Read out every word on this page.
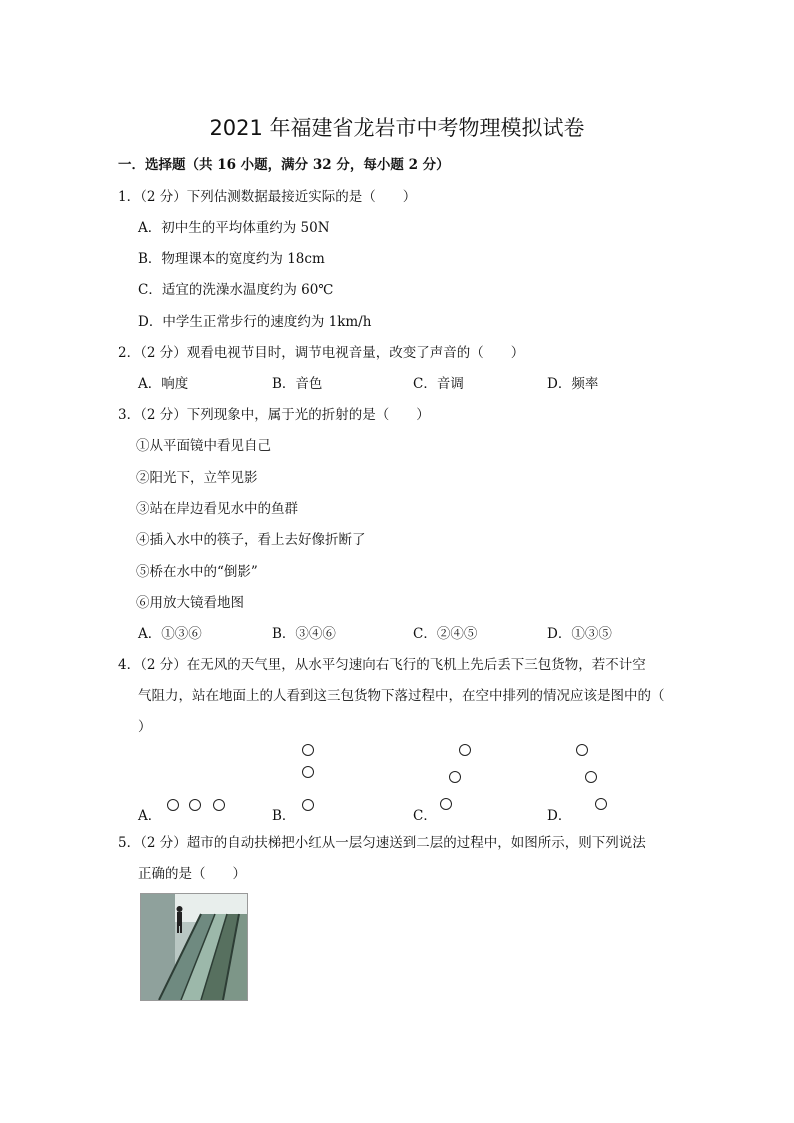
2021 年福建省龙岩市中考物理模拟试卷
一．选择题（共 16 小题，满分 32 分，每小题 2 分）
1．（2 分）下列估测数据最接近实际的是（　　）
A．初中生的平均体重约为 50N
B．物理课本的宽度约为 18cm
C．适宜的洗澡水温度约为 60℃
D．中学生正常步行的速度约为 1km/h
2．（2 分）观看电视节目时，调节电视音量，改变了声音的（　　）
A．响度	B．音色	C．音调	D．频率
3．（2 分）下列现象中，属于光的折射的是（　　）
①从平面镜中看见自己
②阳光下，立竿见影
③站在岸边看见水中的鱼群
④插入水中的筷子，看上去好像折断了
⑤桥在水中的“倒影”
⑥用放大镜看地图
A．①③⑥	B．③④⑥	C．②④⑤	D．①③⑤
4．（2 分）在无风的天气里，从水平匀速向右飞行的飞机上先后丢下三包货物，若不计空
气阻力，站在地面上的人看到这三包货物下落过程中，在空中排列的情况应该是图中的（
）
A．	B．	C．	D．
5．（2 分）超市的自动扶梯把小红从一层匀速送到二层的过程中，如图所示，则下列说法
正确的是（　　）
